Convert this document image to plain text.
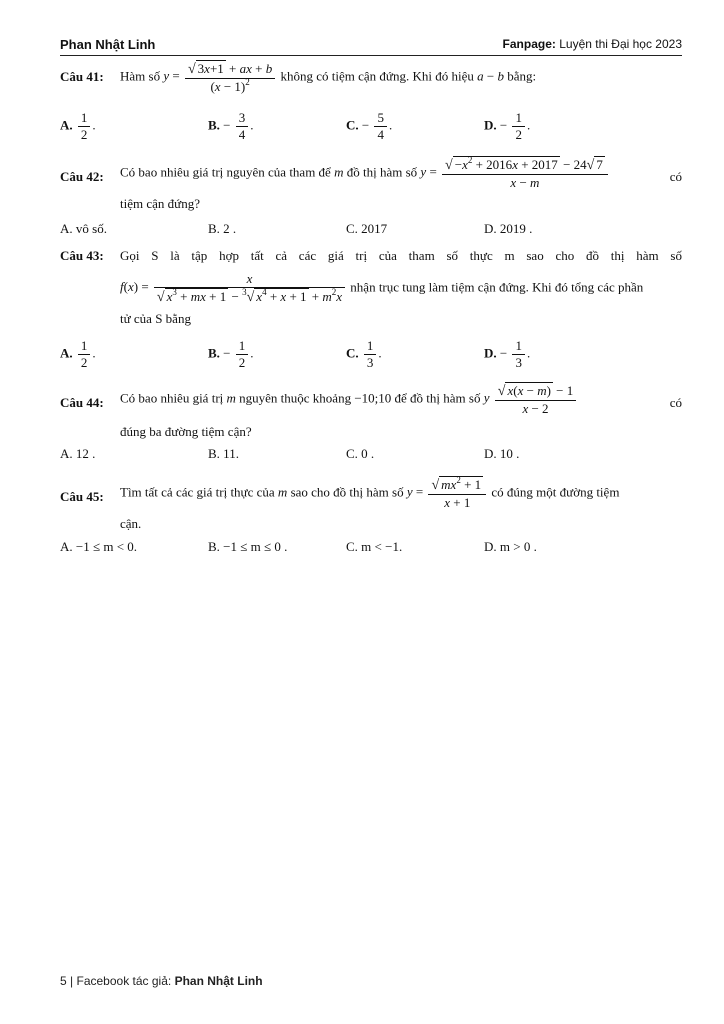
Phan Nhật Linh	Fanpage: Luyện thi Đại học 2023
Câu 41: Hàm số $y = \frac{√ 3x+1 + ax + b}{(x - 1)^2}$ không có tiệm cận đứng. Khi đó hiệu a − b bằng:
A. $\frac{1}{2}$ .	B. − $\frac{3}{4}$ .	C. − $\frac{5}{4}$ .	D. − $\frac{1}{2}$ .
Câu 42: Có bao nhiêu giá trị nguyên của tham để m đồ thị hàm số $y = \frac{√ -x^2 + 2016x + 2017 - 24√ 7}{x - m}$	có
tiệm cận đứng?
A. vô số.	B. 2 .	C. 2017	D. 2019 .
Câu 43: Gọi S là tập hợp tất cả các giá trị của tham số thực m sao cho đồ thị hàm số
$f(x) = \frac{x}{√ x^3 + mx + 1 - ^3√ x^4 + x + 1 + m^2x}$ nhận trục tung làm tiệm cận đứng. Khi đó tổng các phần
tử của S bằng
A. $\frac{1}{2}$ .	B. − $\frac{1}{2}$ .	C. $\frac{1}{3}$ .	D. − $\frac{1}{3}$ .
Câu 44: Có bao nhiêu giá trị m nguyên thuộc khoảng −10;10 để đồ thị hàm số y $\frac{√ x(x - m) - 1}{x - 2}$	có
đúng ba đường tiệm cận?
A. 12 .	B. 11.	C. 0 .	D. 10 .
Câu 45: Tìm tất cả các giá trị thực của m sao cho đồ thị hàm số $y = \frac{√ mx^2 + 1}{x + 1}$ có đúng một đường tiệm
cận.
A. −1 ≤ m < 0.	B. −1 ≤ m ≤ 0 .	C. m < −1.	D. m > 0 .
5 | Facebook tác giả: Phan Nhật Linh
